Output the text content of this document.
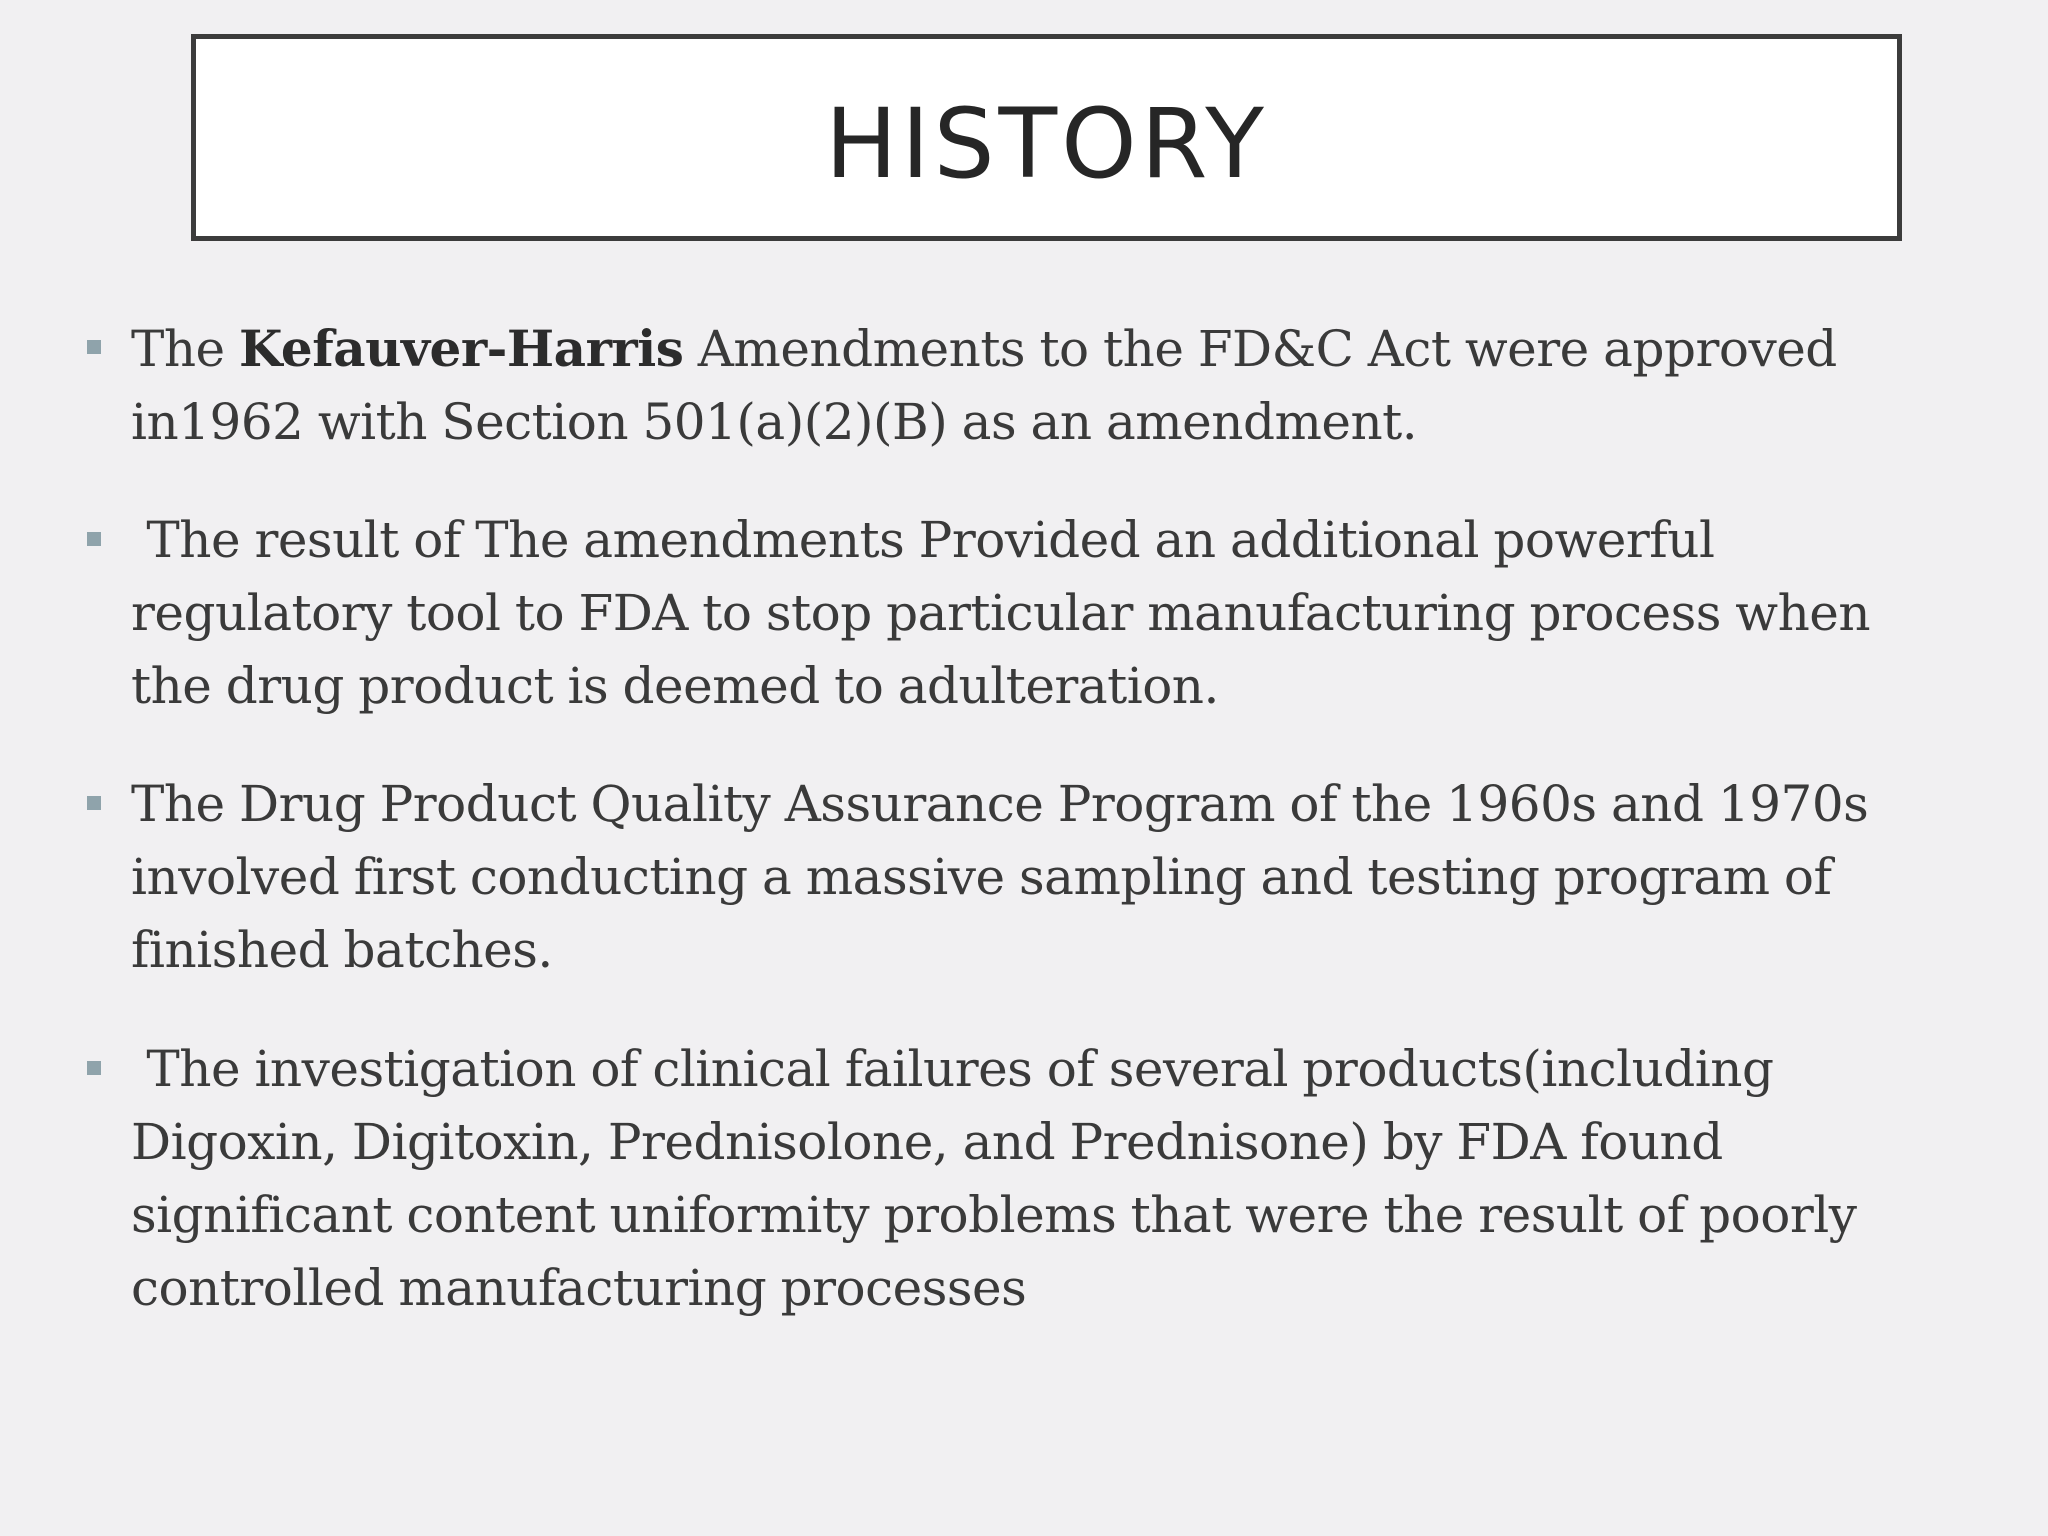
HISTORY
The Kefauver-Harris Amendments to the FD&C Act were approved in1962 with Section 501(a)(2)(B) as an amendment.
The result of The amendments Provided an additional powerful regulatory tool to FDA to stop particular manufacturing process when the drug product is deemed to adulteration.
The Drug Product Quality Assurance Program of the 1960s and 1970s involved first conducting a massive sampling and testing program of finished batches.
The investigation of clinical failures of several products(including Digoxin, Digitoxin, Prednisolone, and Prednisone) by FDA found significant content uniformity problems that were the result of poorly controlled manufacturing processes
